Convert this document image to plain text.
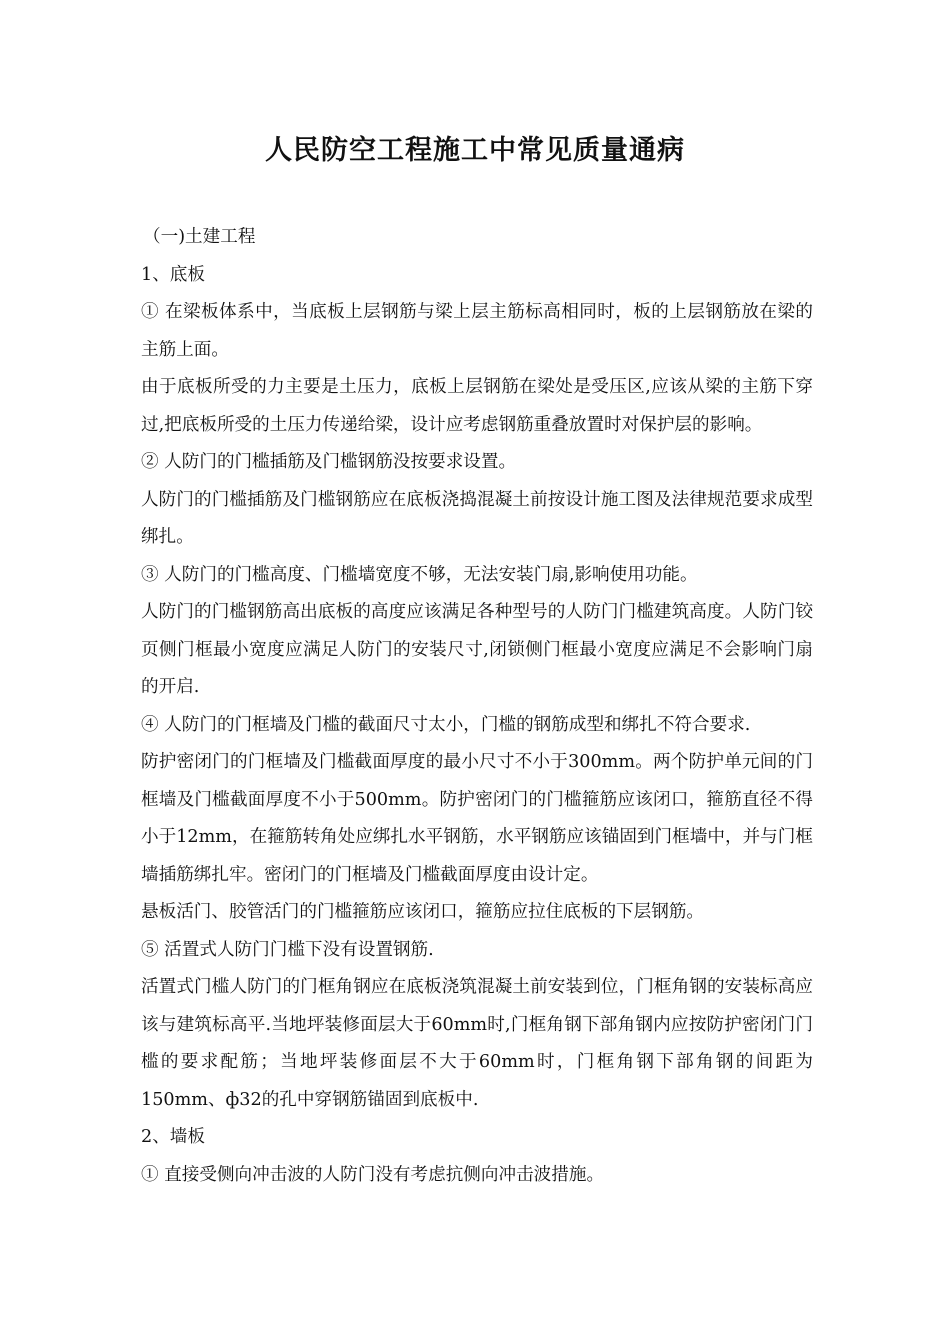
人民防空工程施工中常见质量通病

（一)土建工程

1、底板

① 在梁板体系中，当底板上层钢筋与梁上层主筋标高相同时，板的上层钢筋放在梁的主筋上面。

由于底板所受的力主要是土压力，底板上层钢筋在梁处是受压区,应该从梁的主筋下穿过,把底板所受的土压力传递给梁，设计应考虑钢筋重叠放置时对保护层的影响。

② 人防门的门槛插筋及门槛钢筋没按要求设置。

人防门的门槛插筋及门槛钢筋应在底板浇捣混凝土前按设计施工图及法律规范要求成型绑扎。

③ 人防门的门槛高度、门槛墙宽度不够，无法安装门扇,影响使用功能。

人防门的门槛钢筋高出底板的高度应该满足各种型号的人防门门槛建筑高度。人防门铰页侧门框最小宽度应满足人防门的安装尺寸,闭锁侧门框最小宽度应满足不会影响门扇的开启.

④ 人防门的门框墙及门槛的截面尺寸太小，门槛的钢筋成型和绑扎不符合要求.

防护密闭门的门框墙及门槛截面厚度的最小尺寸不小于300mm。两个防护单元间的门框墙及门槛截面厚度不小于500mm。防护密闭门的门槛箍筋应该闭口，箍筋直径不得小于12mm，在箍筋转角处应绑扎水平钢筋，水平钢筋应该锚固到门框墙中，并与门框墙插筋绑扎牢。密闭门的门框墙及门槛截面厚度由设计定。

悬板活门、胶管活门的门槛箍筋应该闭口，箍筋应拉住底板的下层钢筋。

⑤ 活置式人防门门槛下没有设置钢筋.

活置式门槛人防门的门框角钢应在底板浇筑混凝土前安装到位，门框角钢的安装标高应该与建筑标高平.当地坪装修面层大于60mm时,门框角钢下部角钢内应按防护密闭门门槛的要求配筋；当地坪装修面层不大于60mm时，门框角钢下部角钢的间距为150mm、ф32的孔中穿钢筋锚固到底板中.

2、墙板

① 直接受侧向冲击波的人防门没有考虑抗侧向冲击波措施。
